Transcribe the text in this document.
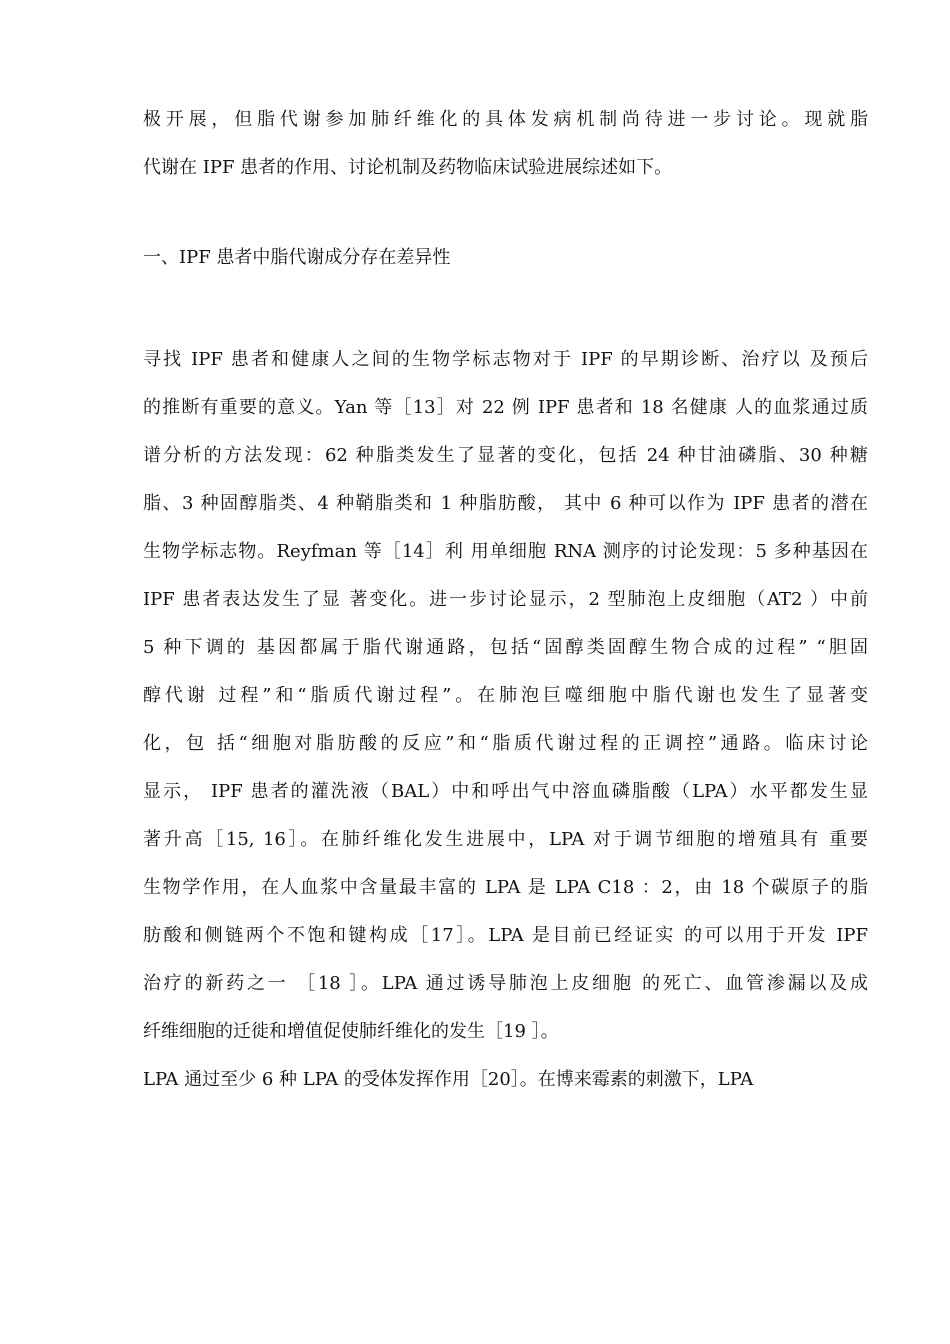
极开展，但脂代谢参加肺纤维化的具体发病机制尚待进一步讨论。现就脂
代谢在 IPF 患者的作用、讨论机制及药物临床试验进展综述如下。
一、IPF 患者中脂代谢成分存在差异性
寻找 IPF 患者和健康人之间的生物学标志物对于 IPF 的早期诊断、治疗以 及预后
的推断有重要的意义。Yan 等［13］对 22 例 IPF 患者和 18 名健康 人的血浆通过质
谱分析的方法发现：62 种脂类发生了显著的变化，包括 24 种甘油磷脂、30 种糖
脂、3 种固醇脂类、4 种鞘脂类和 1 种脂肪酸， 其中 6 种可以作为 IPF 患者的潜在
生物学标志物。Reyfman 等［14］利 用单细胞 RNA 测序的讨论发现：5 多种基因在
IPF 患者表达发生了显 著变化。进一步讨论显示，2 型肺泡上皮细胞（AT2 ）中前
5 种下调的 基因都属于脂代谢通路，包括“固醇类固醇生物合成的过程” “胆固
醇代谢 过程”和“脂质代谢过程”。在肺泡巨噬细胞中脂代谢也发生了显著变
化，包 括“细胞对脂肪酸的反应”和“脂质代谢过程的正调控”通路。临床讨论
显示， IPF 患者的灌洗液（BAL）中和呼出气中溶血磷脂酸（LPA）水平都发生显
著升高［15, 16］。在肺纤维化发生进展中，LPA 对于调节细胞的增殖具有 重要
生物学作用，在人血浆中含量最丰富的 LPA 是 LPA C18 ：2，由 18 个碳原子的脂
肪酸和侧链两个不饱和键构成［17］。LPA 是目前已经证实 的可以用于开发 IPF
治疗的新药之一 ［18 ］。LPA 通过诱导肺泡上皮细胞 的死亡、血管渗漏以及成
纤维细胞的迁徙和增值促使肺纤维化的发生［19 ］。
LPA 通过至少 6 种 LPA 的受体发挥作用［20］。在博来霉素的刺激下，LPA
